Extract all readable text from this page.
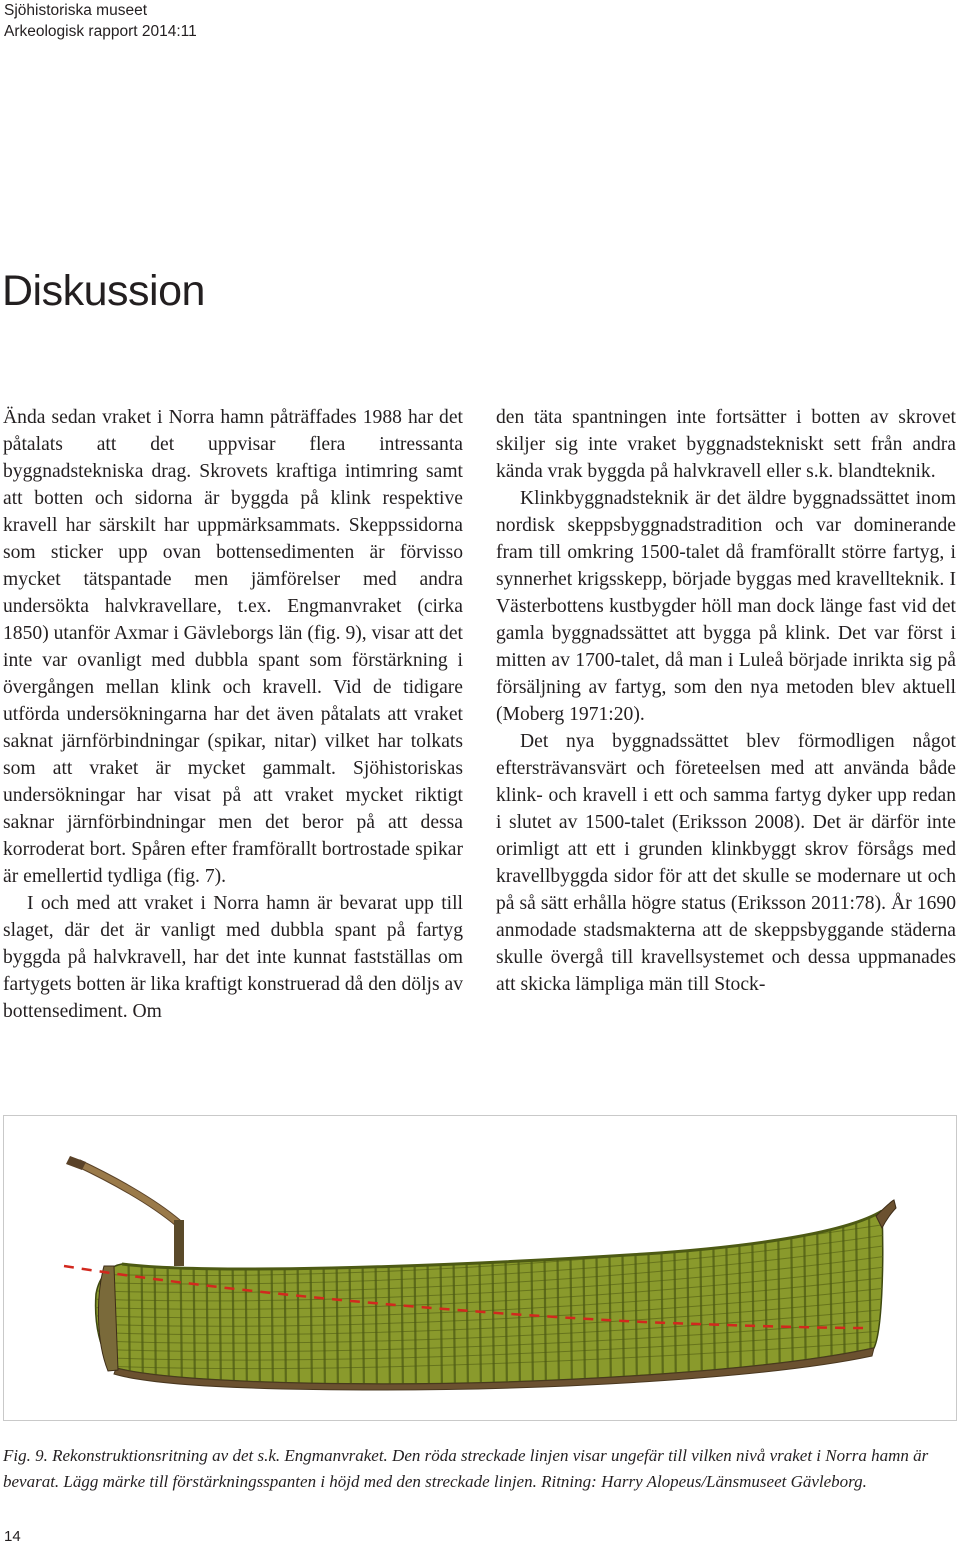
Sjöhistoriska museet
Arkeologisk rapport 2014:11
Diskussion

Ända sedan vraket i Norra hamn påträffades 1988 har det påtalats att det uppvisar flera intressanta byggnadstekniska drag. Skrovets kraftiga intimring samt att botten och sidorna är byggda på klink respektive kravell har särskilt har uppmärksammats. Skeppssidorna som sticker upp ovan bottensedimenten är förvisso mycket tätspantade men jämförelser med andra undersökta halvkravellare, t.ex. Engmanvraket (cirka 1850) utanför Axmar i Gävleborgs län (fig. 9), visar att det inte var ovanligt med dubbla spant som förstärkning i övergången mellan klink och kravell. Vid de tidigare utförda undersökningarna har det även påtalats att vraket saknat järnförbindningar (spikar, nitar) vilket har tolkats som att vraket är mycket gammalt. Sjöhistoriskas undersökningar har visat på att vraket mycket riktigt saknar järnförbindningar men det beror på att dessa korroderat bort. Spåren efter framförallt bortrostade spikar är emellertid tydliga (fig. 7).

I och med att vraket i Norra hamn är bevarat upp till slaget, där det är vanligt med dubbla spant på fartyg byggda på halvkravell, har det inte kunnat fastställas om fartygets botten är lika kraftigt konstruerad då den döljs av bottensediment. Om

den täta spantningen inte fortsätter i botten av skrovet skiljer sig inte vraket byggnadstekniskt sett från andra kända vrak byggda på halvkravell eller s.k. blandteknik.

Klinkbyggnadsteknik är det äldre byggnadssättet inom nordisk skeppsbyggnadstradition och var dominerande fram till omkring 1500-talet då framförallt större fartyg, i synnerhet krigsskepp, började byggas med kravellteknik. I Västerbottens kustbygder höll man dock länge fast vid det gamla byggnadssättet att bygga på klink. Det var först i mitten av 1700-talet, då man i Luleå började inrikta sig på försäljning av fartyg, som den nya metoden blev aktuell (Moberg 1971:20).

Det nya byggnadssättet blev förmodligen något eftersträvansvärt och företeelsen med att använda både klink- och kravell i ett och samma fartyg dyker upp redan i slutet av 1500-talet (Eriksson 2008). Det är därför inte orimligt att ett i grunden klinkbyggt skrov försågs med kravellbyggda sidor för att det skulle se modernare ut och på så sätt erhålla högre status (Eriksson 2011:78). År 1690 anmodade stadsmakterna att de skeppsbyggande städerna skulle övergå till kravellsystemet och dessa uppmanades att skicka lämpliga män till Stock-

Fig. 9. Rekonstruktionsritning av det s.k. Engmanvraket. Den röda streckade linjen visar ungefär till vilken nivå vraket i Norra hamn är bevarat. Lägg märke till förstärkningsspanten i höjd med den streckade linjen. Ritning: Harry Alopeus/Länsmuseet Gävleborg.

14
